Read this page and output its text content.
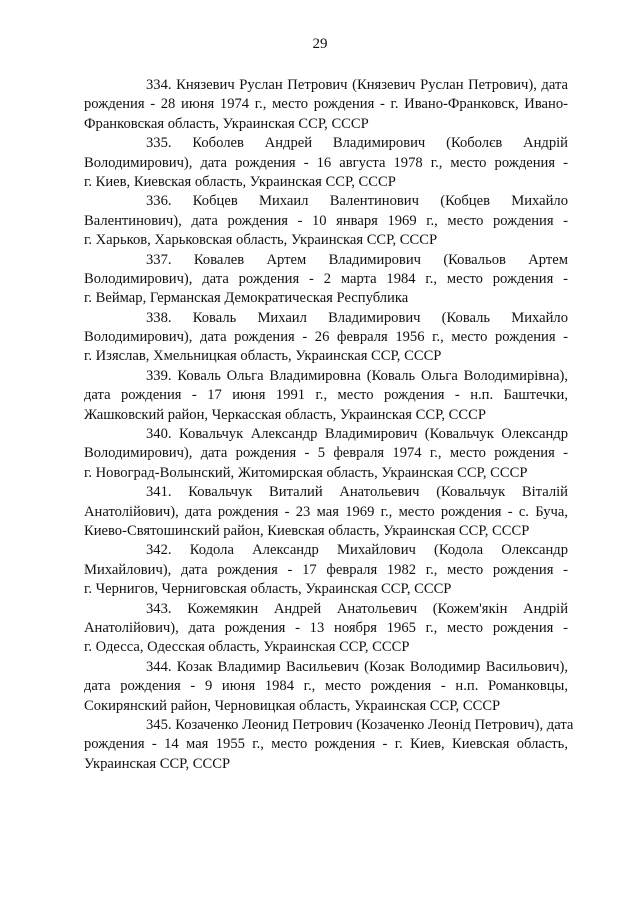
29
334. Князевич Руслан Петрович (Князевич Руслан Петрович), дата
рождения - 28 июня 1974 г., место рождения - г. Ивано-Франковск, Ивано-
Франковская область, Украинская ССР, СССР
335. Коболев Андрей Владимирович (Коболєв Андрій
Володимирович), дата рождения - 16 августа 1978 г., место рождения -
г. Киев, Киевская область, Украинская ССР, СССР
336. Кобцев Михаил Валентинович (Кобцев Михайло
Валентинович), дата рождения - 10 января 1969 г., место рождения -
г. Харьков, Харьковская область, Украинская ССР, СССР
337. Ковалев Артем Владимирович (Ковальов Артем
Володимирович), дата рождения - 2 марта 1984 г., место рождения -
г. Веймар, Германская Демократическая Республика
338. Коваль Михаил Владимирович (Коваль Михайло
Володимирович), дата рождения - 26 февраля 1956 г., место рождения -
г. Изяслав, Хмельницкая область, Украинская ССР, СССР
339. Коваль Ольга Владимировна (Коваль Ольга Володимирівна),
дата рождения - 17 июня 1991 г., место рождения - н.п. Баштечки,
Жашковский район, Черкасская область, Украинская ССР, СССР
340. Ковальчук Александр Владимирович (Ковальчук Олександр
Володимирович), дата рождения - 5 февраля 1974 г., место рождения -
г. Новоград-Волынский, Житомирская область, Украинская ССР, СССР
341. Ковальчук Виталий Анатольевич (Ковальчук Віталій
Анатолійович), дата рождения - 23 мая 1969 г., место рождения - с. Буча,
Киево-Святошинский район, Киевская область, Украинская ССР, СССР
342. Кодола Александр Михайлович (Кодола Олександр
Михайлович), дата рождения - 17 февраля 1982 г., место рождения -
г. Чернигов, Черниговская область, Украинская ССР, СССР
343. Кожемякин Андрей Анатольевич (Кожем'якін Андрій
Анатолійович), дата рождения - 13 ноября 1965 г., место рождения -
г. Одесса, Одесская область, Украинская ССР, СССР
344. Козак Владимир Васильевич (Козак Володимир Васильович),
дата рождения - 9 июня 1984 г., место рождения - н.п. Романковцы,
Сокирянский район, Черновицкая область, Украинская ССР, СССР
345. Козаченко Леонид Петрович (Козаченко Леонід Петрович), дата
рождения - 14 мая 1955 г., место рождения - г. Киев, Киевская область,
Украинская ССР, СССР
